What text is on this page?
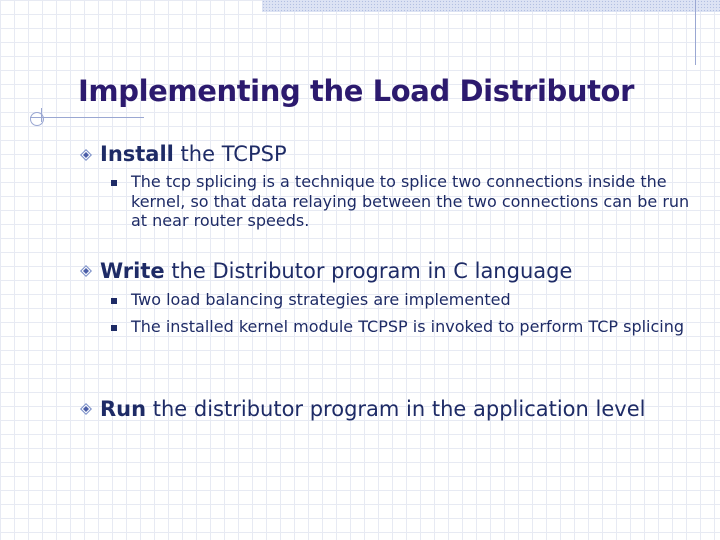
Implementing the Load Distributor
Install the TCPSP
The tcp splicing is a technique to splice two connections inside the kernel, so that data relaying between the two connections can be run at near router speeds.
Write the Distributor program in C language
Two load balancing strategies are implemented
The installed kernel module TCPSP is invoked to perform TCP splicing
Run the distributor program in the application level
